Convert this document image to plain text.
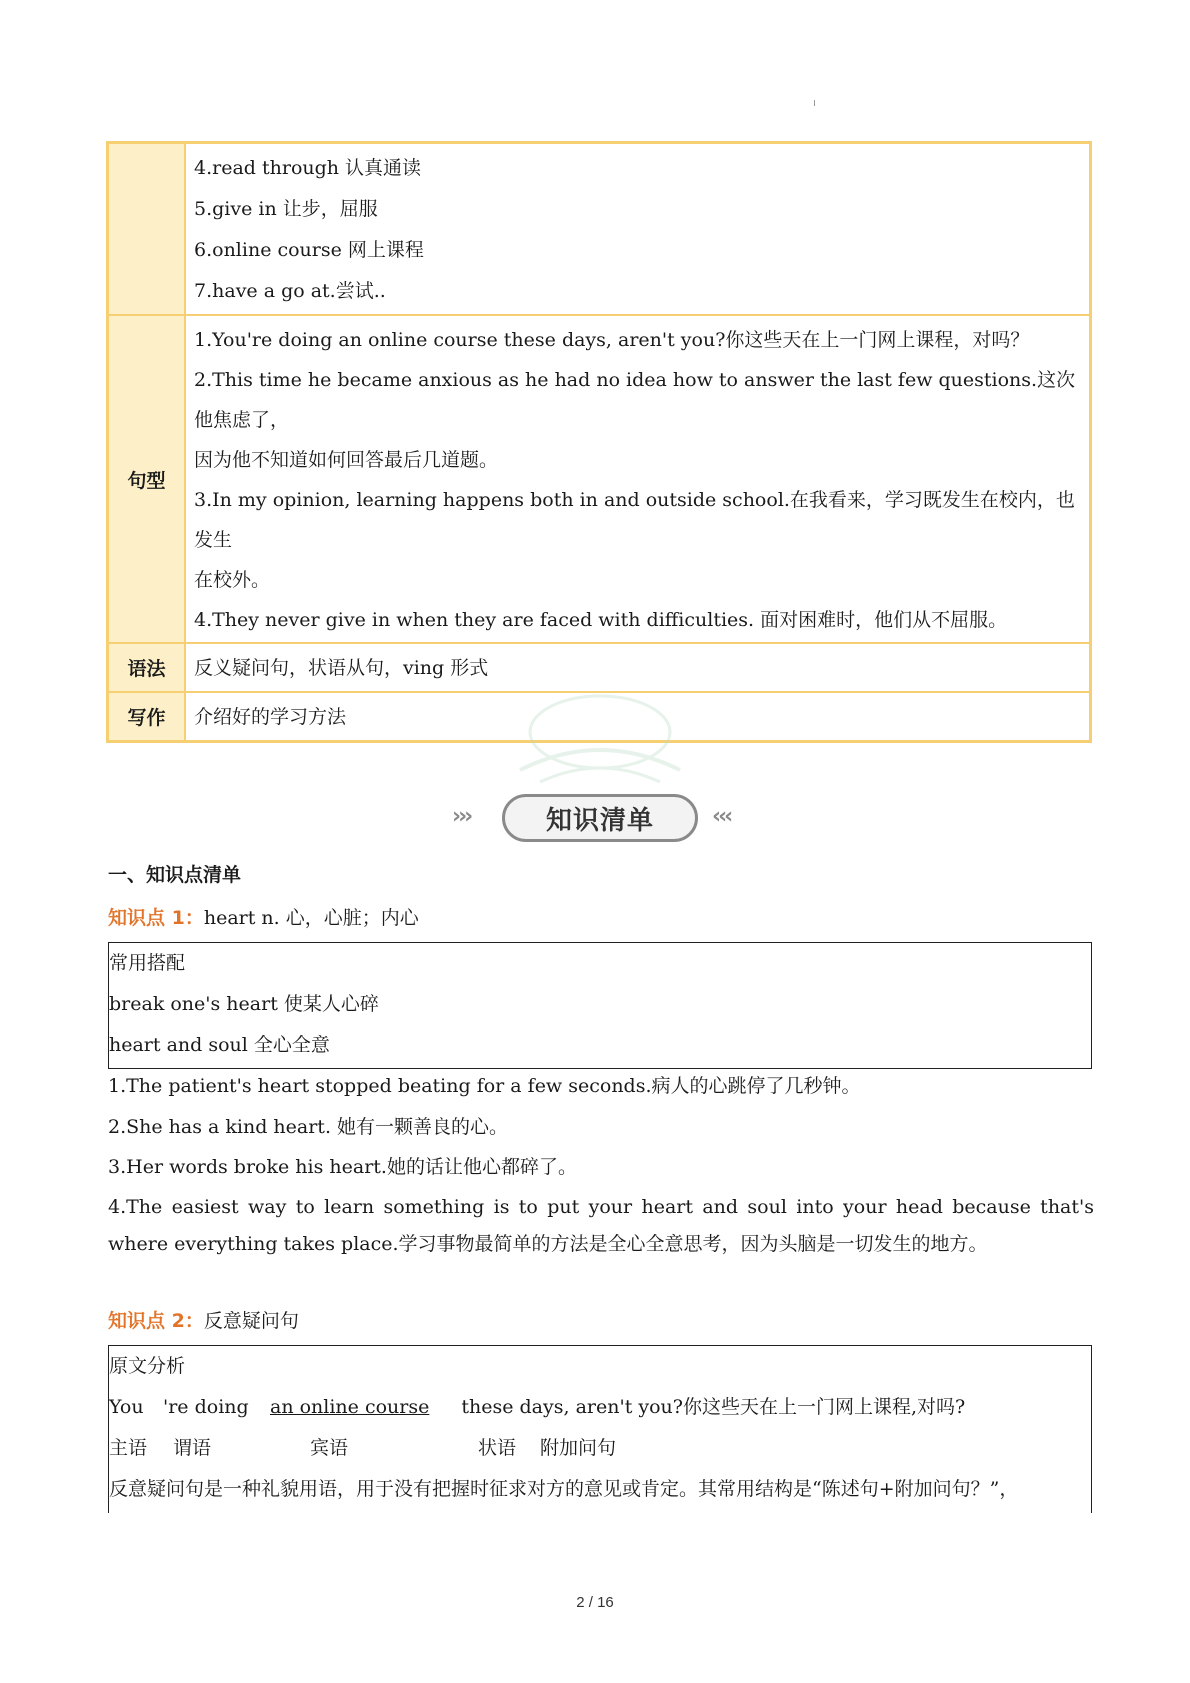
4.read through 认真通读
5.give in 让步，屈服
6.online course 网上课程
7.have a go at.尝试..
句型
1.You're doing an online course these days, aren't you?你这些天在上一门网上课程，对吗？
2.This time he became anxious as he had no idea how to answer the last few questions.这次他焦虑了，
因为他不知道如何回答最后几道题。
3.In my opinion, learning happens both in and outside school.在我看来，学习既发生在校内，也发生
在校外。
4.They never give in when they are faced with difficulties. 面对困难时，他们从不屈服。
语法	反义疑问句，状语从句，ving 形式
写作	介绍好的学习方法
›››	知识清单	‹‹‹
一、知识点清单
知识点 1：heart n. 心，心脏；内心
常用搭配
break one's heart 使某人心碎
heart and soul 全心全意
1.The patient's heart stopped beating for a few seconds.病人的心跳停了几秒钟。
2.She has a kind heart. 她有一颗善良的心。
3.Her words broke his heart.她的话让他心都碎了。
4.The easiest way to learn something is to put your heart and soul into your head because that's where everything takes place.学习事物最简单的方法是全心全意思考，因为头脑是一切发生的地方。
知识点 2：反意疑问句
原文分析
You 're doing an online course these days, aren't you?你这些天在上一门网上课程,对吗?
主语 谓语	宾语	状语 附加问句
反意疑问句是一种礼貌用语，用于没有把握时征求对方的意见或肯定。其常用结构是“陈述句+附加问句？”，
2 / 16
